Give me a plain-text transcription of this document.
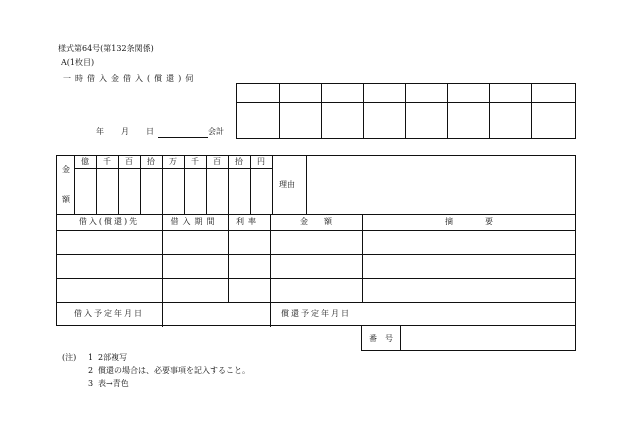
様式第64号(第132条関係)
A(1枚目)
一時借入金借入(償還)伺
年 月 日	会計
金
額
億	千	百	拾	万	千	百	拾	円
理由
借入(償還)先	借入期間	利率	金　　額	摘　　　　要
借入予定年月日	償還予定年月日
番　号
(注) 1 2部複写
2 償還の場合は、必要事項を記入すること。
3 表→青色
